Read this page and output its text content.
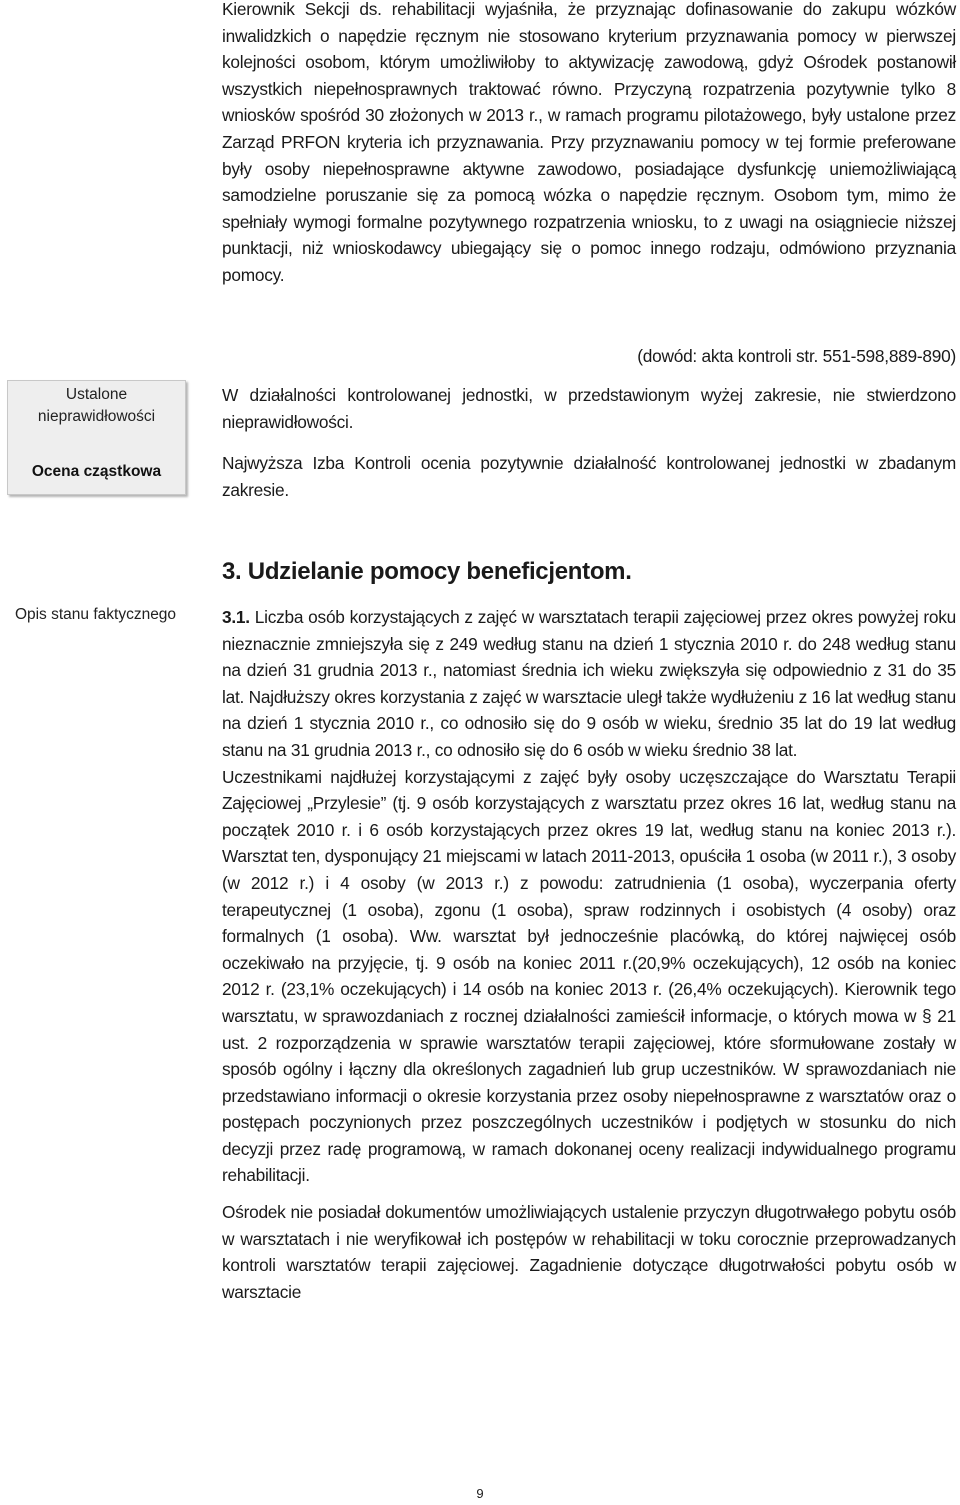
Kierownik Sekcji ds. rehabilitacji wyjaśniła, że przyznając dofinasowanie do zakupu wózków inwalidzkich o napędzie ręcznym nie stosowano kryterium przyznawania pomocy w pierwszej kolejności osobom, którym umożliwiłoby to aktywizację zawodową, gdyż Ośrodek postanowił wszystkich niepełnosprawnych traktować równo. Przyczyną rozpatrzenia pozytywnie tylko 8 wniosków spośród 30 złożonych w 2013 r., w ramach programu pilotażowego, były ustalone przez Zarząd PRFON kryteria ich przyznawania. Przy przyznawaniu pomocy w tej formie preferowane były osoby niepełnosprawne aktywne zawodowo, posiadające dysfunkcję uniemożliwiającą samodzielne poruszanie się za pomocą wózka o napędzie ręcznym. Osobom tym, mimo że spełniały wymogi formalne pozytywnego rozpatrzenia wniosku, to z uwagi na osiągniecie niższej punktacji, niż wnioskodawcy ubiegający się o pomoc innego rodzaju, odmówiono przyznania pomocy.

(dowód: akta kontroli str. 551-598,889-890)

Ustalone nieprawidłowości
Ocena cząstkowa

W działalności kontrolowanej jednostki, w przedstawionym wyżej zakresie, nie stwierdzono nieprawidłowości.

Najwyższa Izba Kontroli ocenia pozytywnie działalność kontrolowanej jednostki w zbadanym zakresie.

3. Udzielanie pomocy beneficjentom.
Opis stanu faktycznego	3.1. Liczba osób korzystających z zajęć w warsztatach terapii zajęciowej przez okres powyżej roku nieznacznie zmniejszyła się z 249 według stanu na dzień 1 stycznia 2010 r. do 248 według stanu na dzień 31 grudnia 2013 r., natomiast średnia ich wieku zwiększyła się odpowiednio z 31 do 35 lat. Najdłuższy okres korzystania z zajęć w warsztacie uległ także wydłużeniu z 16 lat według stanu na dzień 1 stycznia 2010 r., co odnosiło się do 9 osób w wieku, średnio 35 lat do 19 lat według stanu na 31 grudnia 2013 r., co odnosiło się do 6 osób w wieku średnio 38 lat.

Uczestnikami najdłużej korzystającymi z zajęć były osoby uczęszczające do Warsztatu Terapii Zajęciowej „Przylesie” (tj. 9 osób korzystających z warsztatu przez okres 16 lat, według stanu na początek 2010 r. i 6 osób korzystających przez okres 19 lat, według stanu na koniec 2013 r.). Warsztat ten, dysponujący 21 miejscami w latach 2011-2013, opuściła 1 osoba (w 2011 r.), 3 osoby (w 2012 r.) i 4 osoby (w 2013 r.) z powodu: zatrudnienia (1 osoba), wyczerpania oferty terapeutycznej (1 osoba), zgonu (1 osoba), spraw rodzinnych i osobistych (4 osoby) oraz formalnych (1 osoba). Ww. warsztat był jednocześnie placówką, do której najwięcej osób oczekiwało na przyjęcie, tj. 9 osób na koniec 2011 r.(20,9% oczekujących), 12 osób na koniec 2012 r. (23,1% oczekujących) i 14 osób na koniec 2013 r. (26,4% oczekujących). Kierownik tego warsztatu, w sprawozdaniach z rocznej działalności zamieścił informacje, o których mowa w § 21 ust. 2 rozporządzenia w sprawie warsztatów terapii zajęciowej, które sformułowane zostały w sposób ogólny i łączny dla określonych zagadnień lub grup uczestników. W sprawozdaniach nie przedstawiano informacji o okresie korzystania przez osoby niepełnosprawne z warsztatów oraz o postępach poczynionych przez poszczególnych uczestników i podjętych w stosunku do nich decyzji przez radę programową, w ramach dokonanej oceny realizacji indywidualnego programu rehabilitacji.

Ośrodek nie posiadał dokumentów umożliwiających ustalenie przyczyn długotrwałego pobytu osób w warsztatach i nie weryfikował ich postępów w rehabilitacji w toku corocznie przeprowadzanych kontroli warsztatów terapii zajęciowej. Zagadnienie dotyczące długotrwałości pobytu osób w warsztacie

9
